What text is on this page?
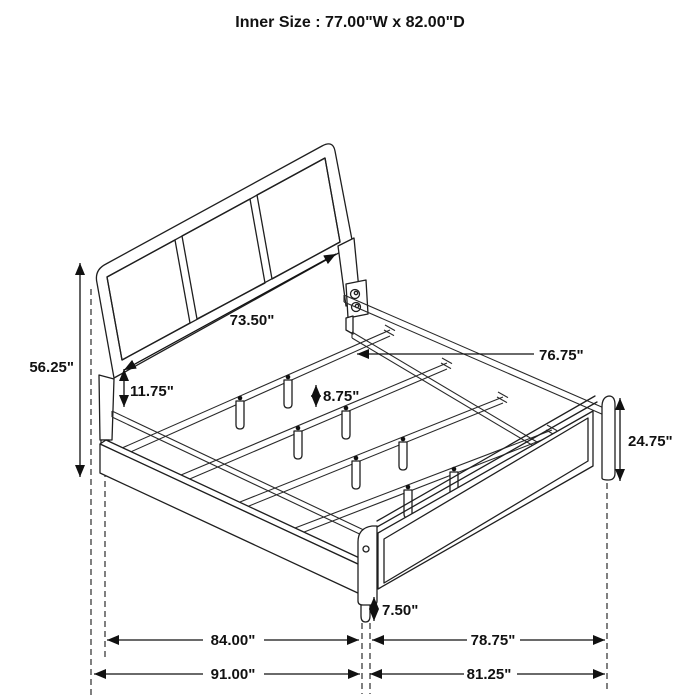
56.25"
11.75"
73.50"
76.75"
8.75"
24.75"
7.50"
84.00"	78.75"
91.00"	81.25"
Inner Size : 77.00"W x 82.00"D
